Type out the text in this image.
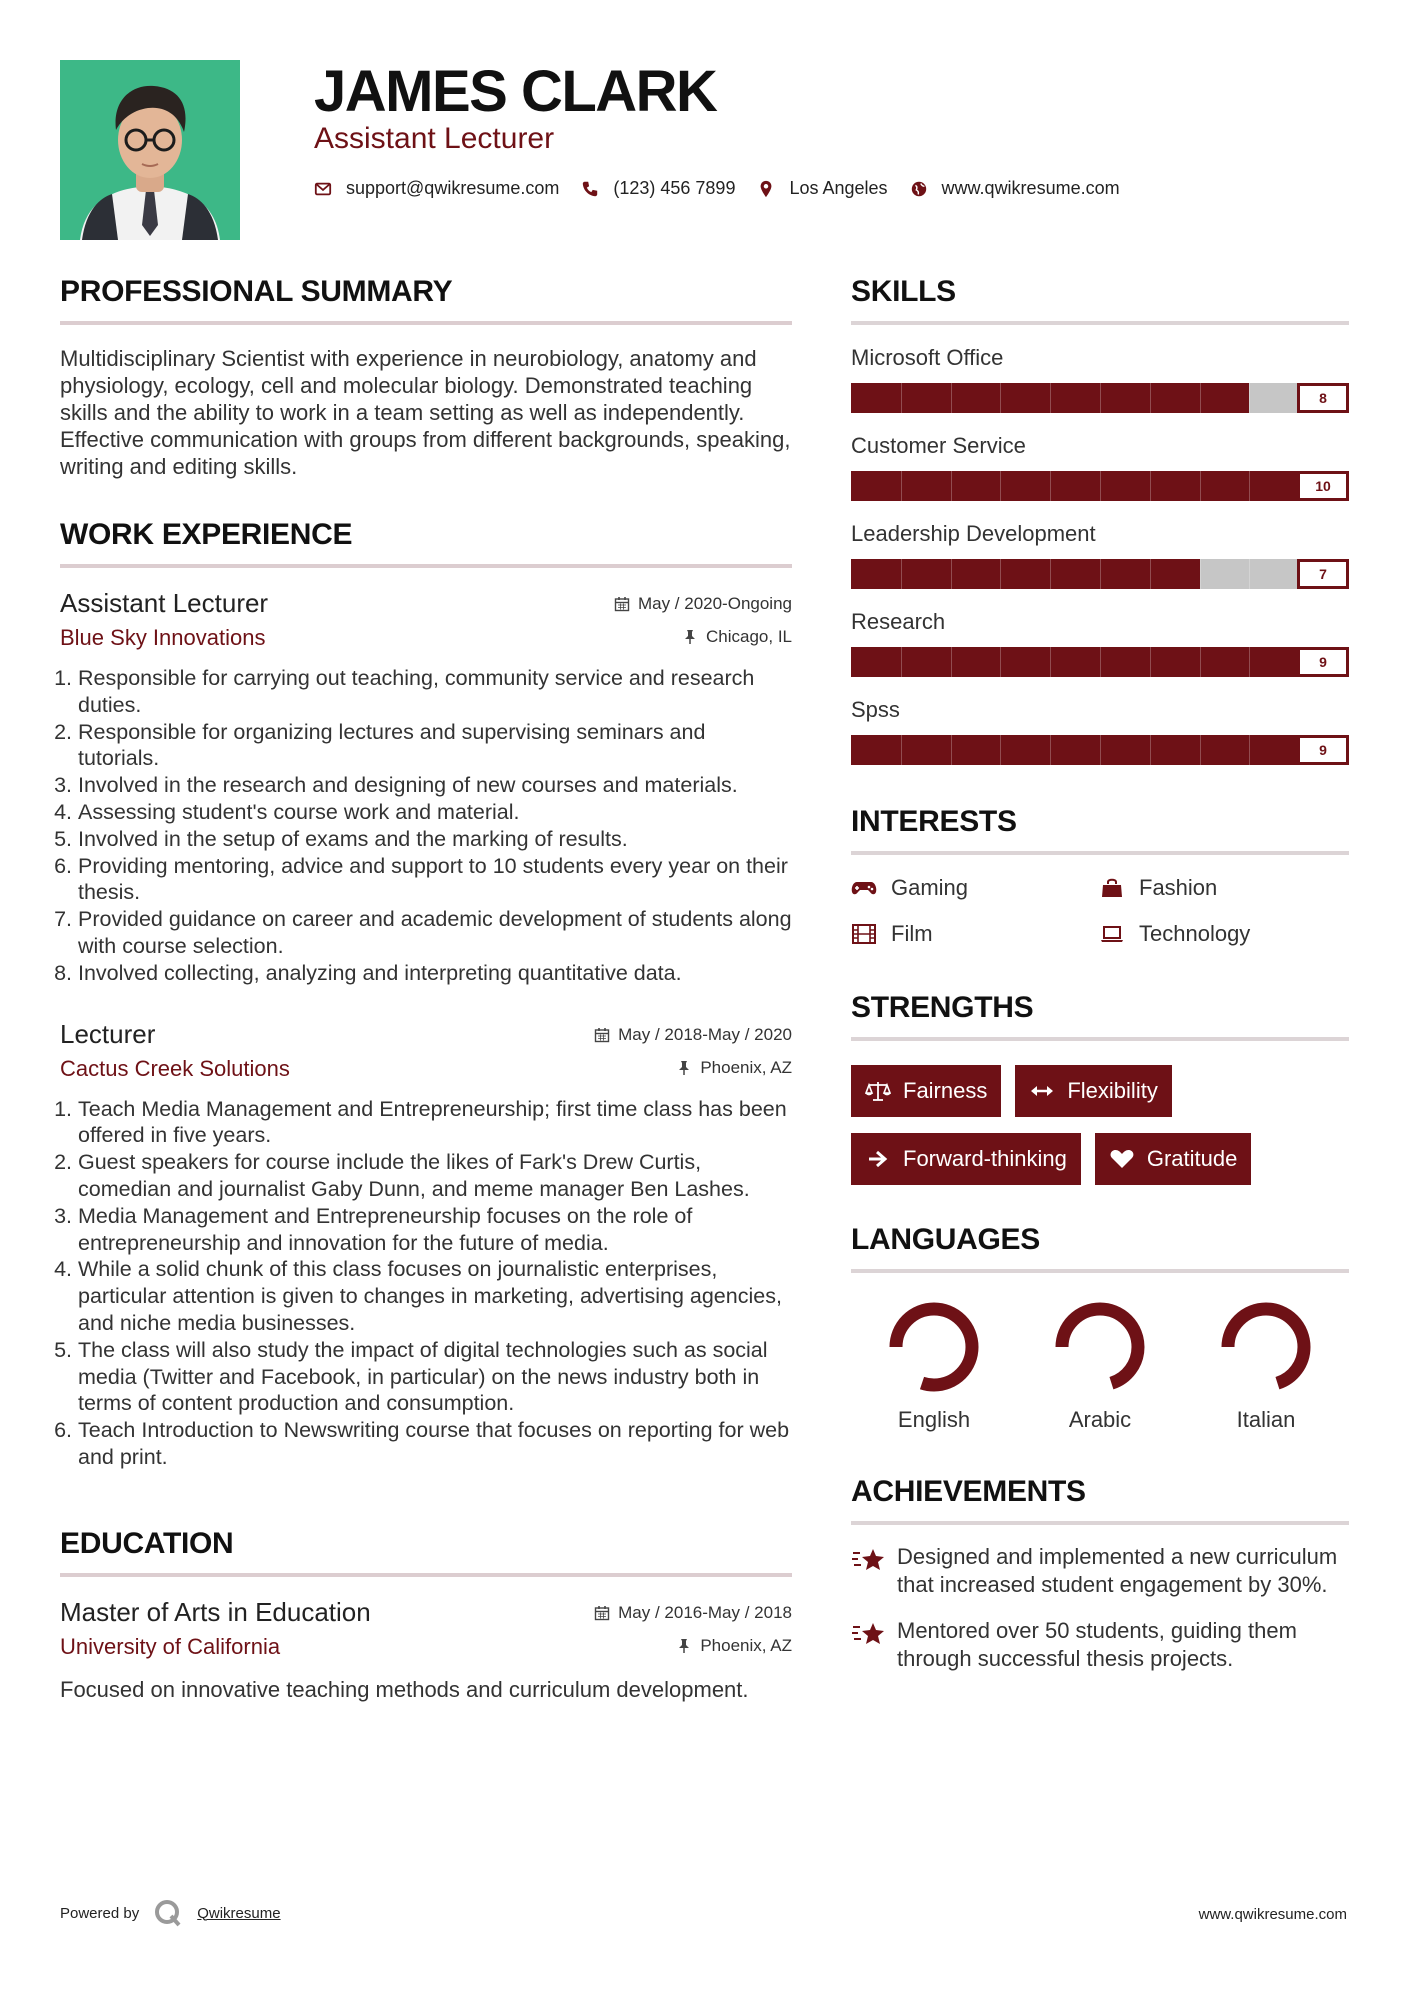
JAMES CLARK
Assistant Lecturer
support@qwikresume.com	(123) 456 7899	Los Angeles	www.qwikresume.com
PROFESSIONAL SUMMARY

Multidisciplinary Scientist with experience in neurobiology, anatomy and physiology, ecology, cell and molecular biology. Demonstrated teaching skills and the ability to work in a team setting as well as independently. Effective communication with groups from different backgrounds, speaking, writing and editing skills.

WORK EXPERIENCE
Assistant Lecturer	May / 2020-Ongoing
Blue Sky Innovations	Chicago, IL
1. Responsible for carrying out teaching, community service and research duties.
2. Responsible for organizing lectures and supervising seminars and tutorials.
3. Involved in the research and designing of new courses and materials.
4. Assessing student's course work and material.
5. Involved in the setup of exams and the marking of results.
6. Providing mentoring, advice and support to 10 students every year on their thesis.
7. Provided guidance on career and academic development of students along with course selection.
8. Involved collecting, analyzing and interpreting quantitative data.
Lecturer	May / 2018-May / 2020
Cactus Creek Solutions	Phoenix, AZ
1. Teach Media Management and Entrepreneurship; first time class has been offered in five years.
2. Guest speakers for course include the likes of Fark's Drew Curtis, comedian and journalist Gaby Dunn, and meme manager Ben Lashes.
3. Media Management and Entrepreneurship focuses on the role of entrepreneurship and innovation for the future of media.
4. While a solid chunk of this class focuses on journalistic enterprises, particular attention is given to changes in marketing, advertising agencies, and niche media businesses.
5. The class will also study the impact of digital technologies such as social media (Twitter and Facebook, in particular) on the news industry both in terms of content production and consumption.
6. Teach Introduction to Newswriting course that focuses on reporting for web and print.
EDUCATION
Master of Arts in Education	May / 2016-May / 2018
University of California	Phoenix, AZ

Focused on innovative teaching methods and curriculum development.

SKILLS
Microsoft Office
8
Customer Service
10
Leadership Development
7
Research
9
Spss
9
INTERESTS
Gaming	Fashion
Film	Technology
STRENGTHS
Fairness	Flexibility
Forward-thinking	Gratitude
LANGUAGES
English	Arabic	Italian
ACHIEVEMENTS
Designed and implemented a new curriculum that increased student engagement by 30%.
Mentored over 50 students, guiding them through successful thesis projects.
Powered by	Qwikresume	www.qwikresume.com
